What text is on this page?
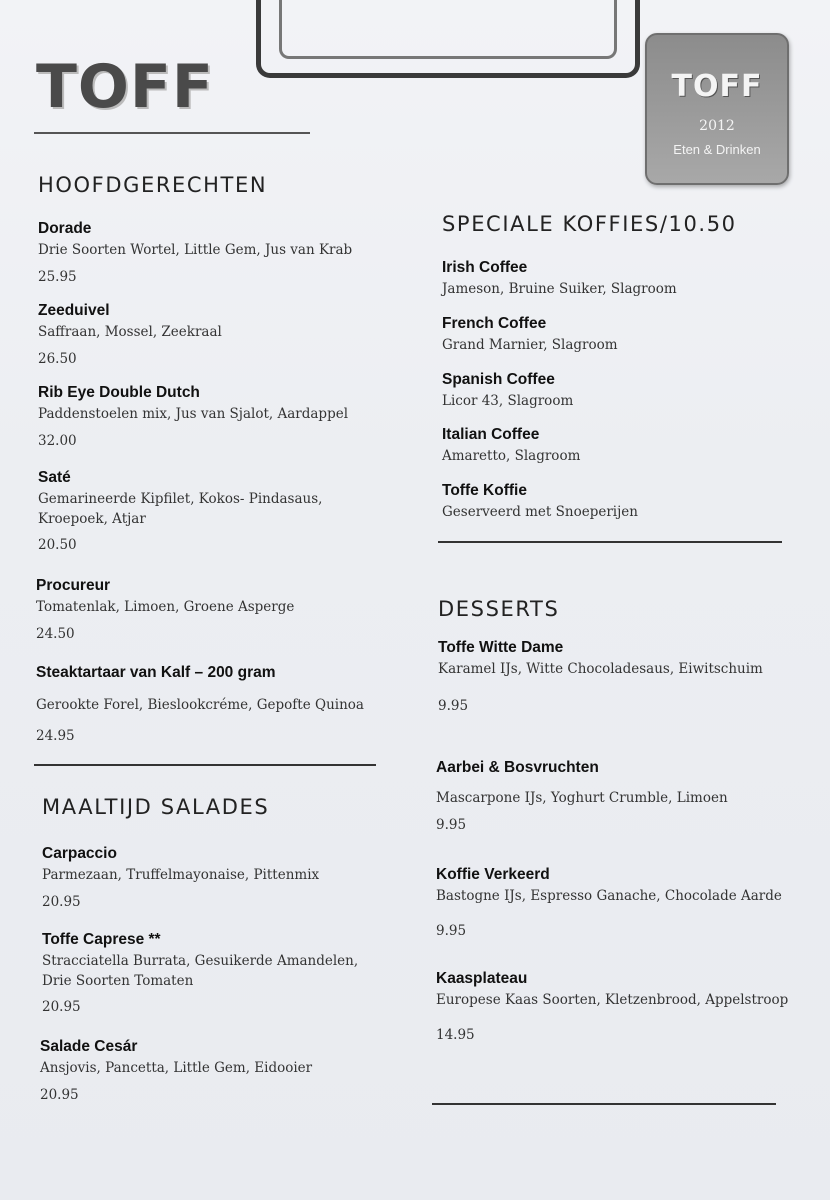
TOFF	TOFF
2012
Eten & Drinken
HOOFDGERECHTEN
Dorade
Drie Soorten Wortel, Little Gem, Jus van Krab
25.95
Zeeduivel
Saffraan, Mossel, Zeekraal
26.50
Rib Eye Double Dutch
Paddenstoelen mix, Jus van Sjalot, Aardappel
32.00
Saté
Gemarineerde Kipfilet, Kokos- Pindasaus, Kroepoek, Atjar
20.50
Procureur
Tomatenlak, Limoen, Groene Asperge
24.50
Steaktartaar van Kalf – 200 gram
Gerookte Forel, Bieslookcréme, Gepofte Quinoa
24.95
MAALTIJD SALADES
Carpaccio
Parmezaan, Truffelmayonaise, Pittenmix
20.95
Toffe Caprese **
Stracciatella Burrata, Gesuikerde Amandelen, Drie Soorten Tomaten
20.95
Salade Cesár
Ansjovis, Pancetta, Little Gem, Eidooier
20.95
SPECIALE KOFFIES/10.50
Irish Coffee
Jameson, Bruine Suiker, Slagroom
French Coffee
Grand Marnier, Slagroom
Spanish Coffee
Licor 43, Slagroom
Italian Coffee
Amaretto, Slagroom
Toffe Koffie
Geserveerd met Snoeperijen
DESSERTS
Toffe Witte Dame
Karamel IJs, Witte Chocoladesaus, Eiwitschuim
9.95
Aarbei & Bosvruchten
Mascarpone IJs, Yoghurt Crumble, Limoen
9.95
Koffie Verkeerd
Bastogne IJs, Espresso Ganache, Chocolade Aarde
9.95
Kaasplateau
Europese Kaas Soorten, Kletzenbrood, Appelstroop
14.95
